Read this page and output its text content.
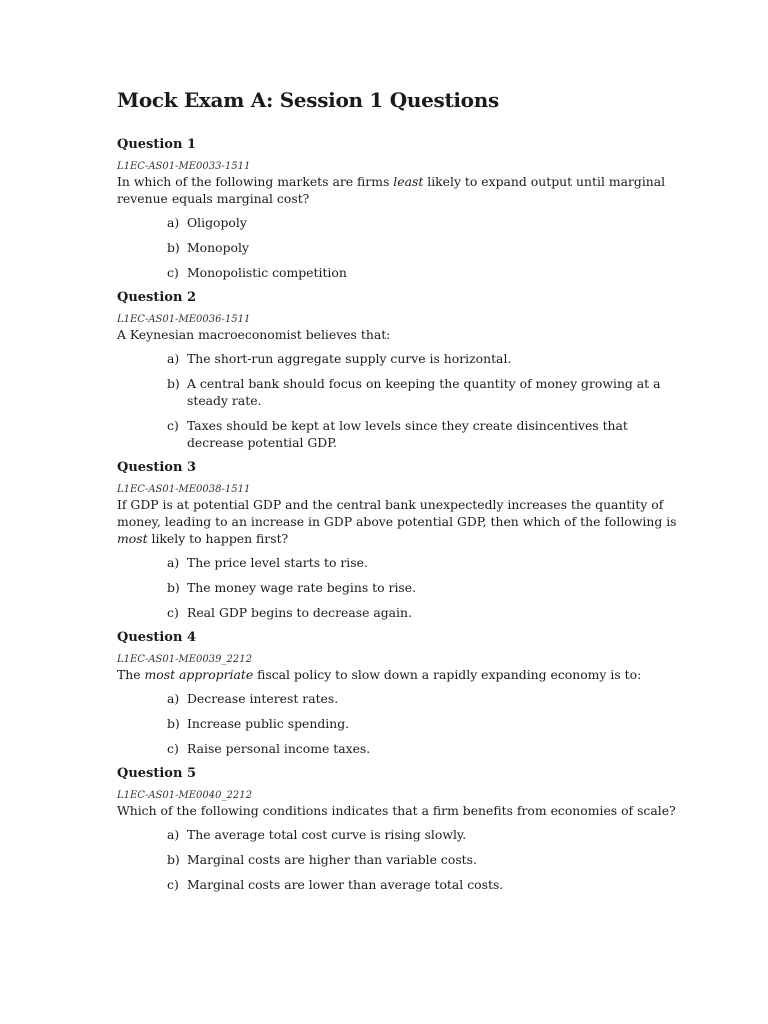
Mock Exam A: Session 1 Questions
Question 1
L1EC-AS01-ME0033-1511
In which of the following markets are firms least likely to expand output until marginal revenue equals marginal cost?
a) Oligopoly
b) Monopoly
c) Monopolistic competition
Question 2
L1EC-AS01-ME0036-1511
A Keynesian macroeconomist believes that:
a) The short-run aggregate supply curve is horizontal.
b) A central bank should focus on keeping the quantity of money growing at a steady rate.
c) Taxes should be kept at low levels since they create disincentives that decrease potential GDP.
Question 3
L1EC-AS01-ME0038-1511
If GDP is at potential GDP and the central bank unexpectedly increases the quantity of money, leading to an increase in GDP above potential GDP, then which of the following is most likely to happen first?
a) The price level starts to rise.
b) The money wage rate begins to rise.
c) Real GDP begins to decrease again.
Question 4
L1EC-AS01-ME0039_2212
The most appropriate fiscal policy to slow down a rapidly expanding economy is to:
a) Decrease interest rates.
b) Increase public spending.
c) Raise personal income taxes.
Question 5
L1EC-AS01-ME0040_2212
Which of the following conditions indicates that a firm benefits from economies of scale?
a) The average total cost curve is rising slowly.
b) Marginal costs are higher than variable costs.
c) Marginal costs are lower than average total costs.
